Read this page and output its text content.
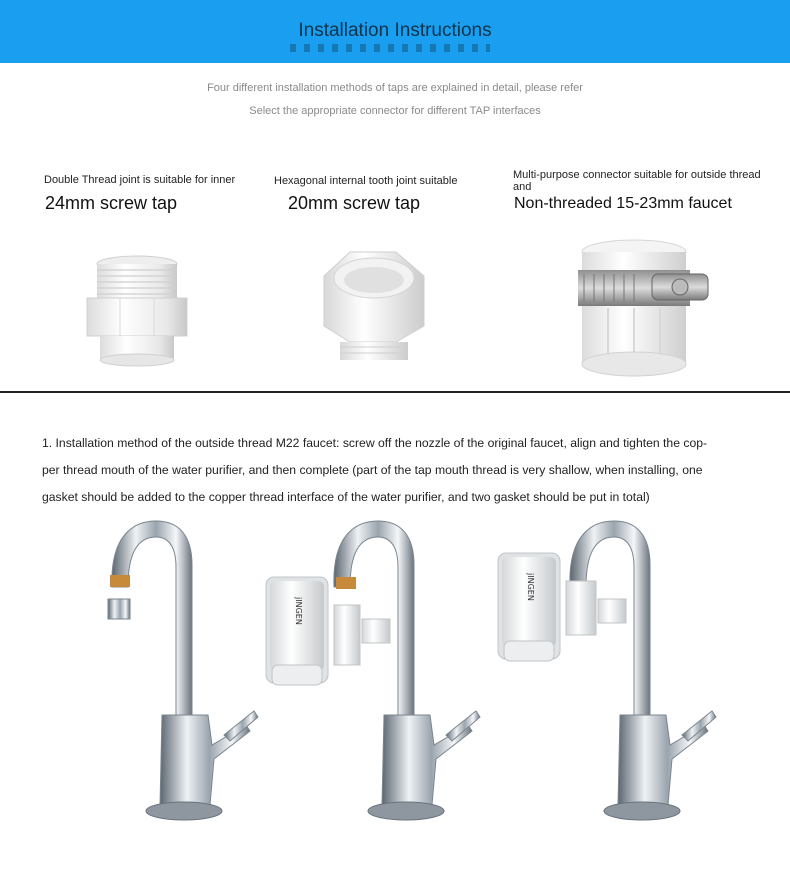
Installation Instructions
Four different installation methods of taps are explained in detail, please refer
Select the appropriate connector for different TAP interfaces
Double Thread joint is suitable for inner
24mm screw tap
Hexagonal internal tooth joint suitable
20mm screw tap
Multi-purpose connector suitable for outside thread and
Non-threaded 15-23mm faucet
1. Installation method of the outside thread M22 faucet: screw off the nozzle of the original faucet, align and tighten the cop-per thread mouth of the water purifier, and then complete (part of the tap mouth thread is very shallow, when installing, one gasket should be added to the copper thread interface of the water purifier, and two gasket should be put in total)
jINGEN
jINGEN
